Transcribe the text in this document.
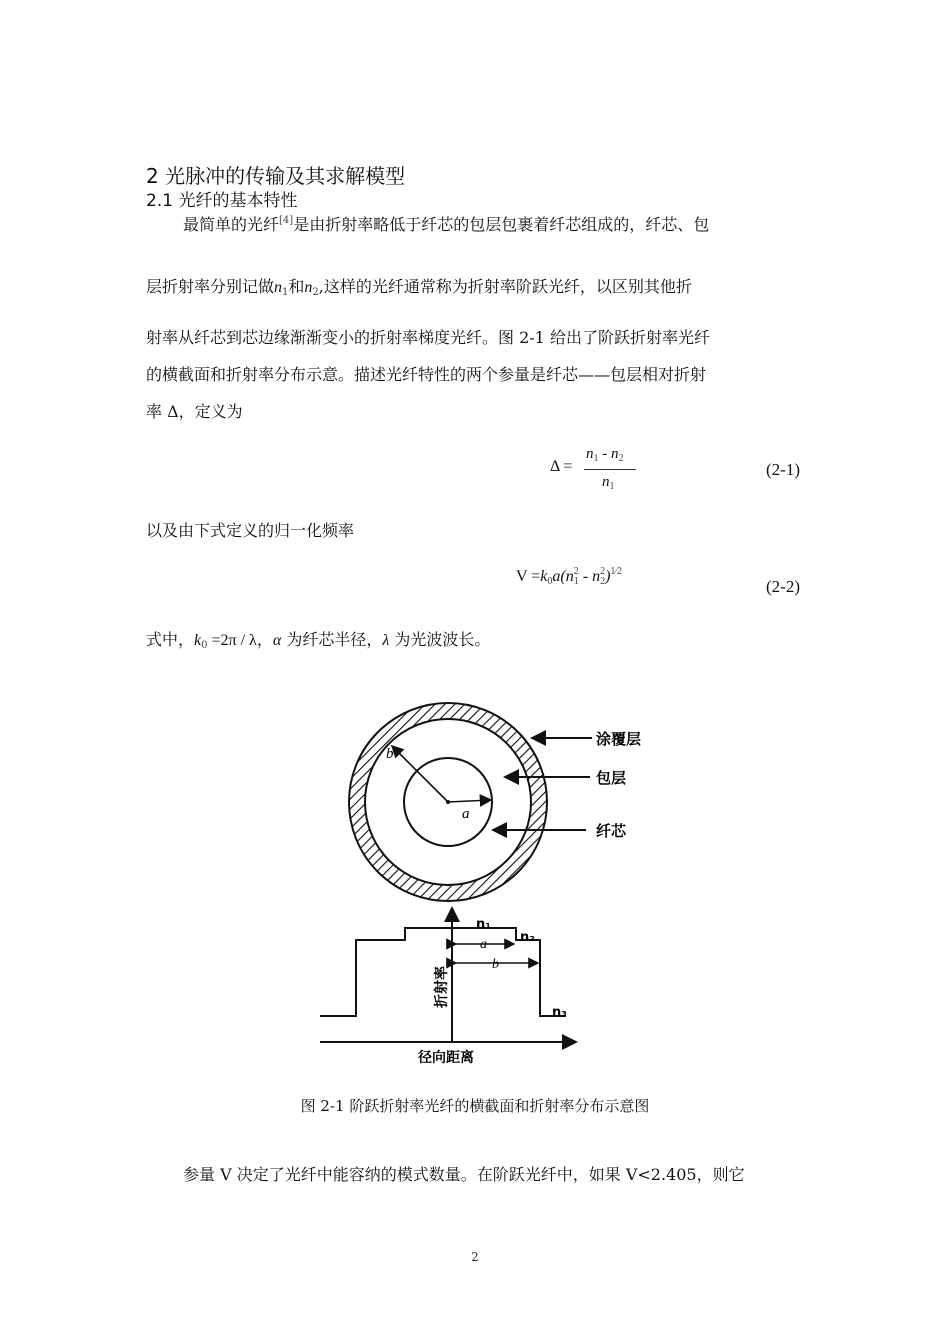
2 光脉冲的传输及其求解模型
2.1 光纤的基本特性
最简单的光纤[4]是由折射率略低于纤芯的包层包裹着纤芯组成的，纤芯、包
层折射率分别记做$n_1$和$n_2$,这样的光纤通常称为折射率阶跃光纤，以区别其他折
射率从纤芯到芯边缘渐渐变小的折射率梯度光纤。图 2-1 给出了阶跃折射率光纤
的横截面和折射率分布示意。描述光纤特性的两个参量是纤芯——包层相对折射
率 Δ，定义为
Δ =
$n_1 - n_2$
$n_1$
(2-1)
以及由下式定义的归一化频率
$V =k_0a(n_1^2 - n_2^2)^{1⁄2}$
(2-2)
式中，$k_0 =2\pi / \lambda$，α 为纤芯半径，λ 为光波波长。
b
a
涂覆层
包层
纤芯
n₁
n₂
n₃
a
b
折射率
径向距离
图 2-1 阶跃折射率光纤的横截面和折射率分布示意图
参量 V 决定了光纤中能容纳的模式数量。在阶跃光纤中，如果 V<2.405，则它
2
